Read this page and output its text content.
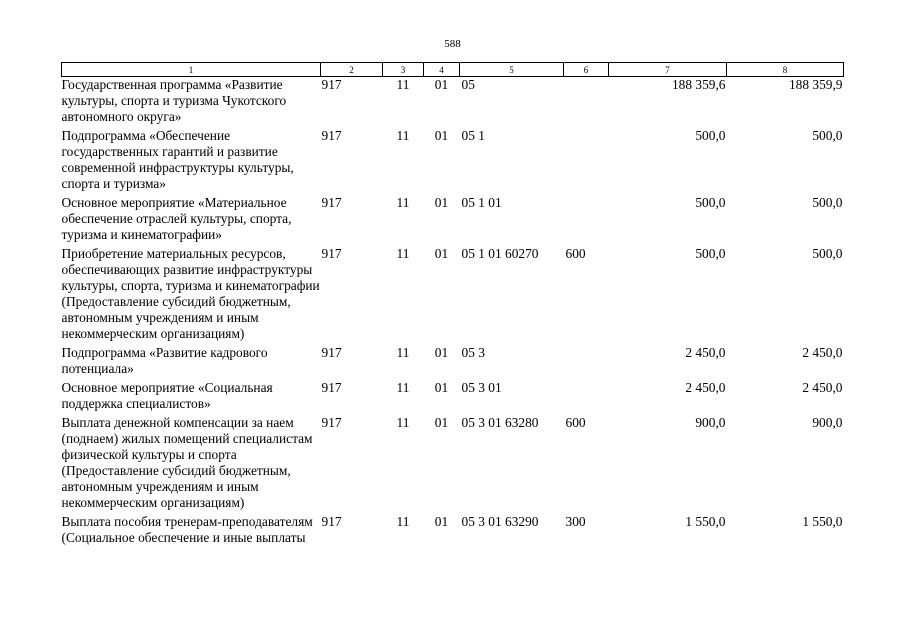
588
1	2	3	4	5	6	7	8
Государственная программа «Развитие культуры, спорта и туризма Чукотского автономного округа»	917	11	01	05		188 359,6	188 359,9
Подпрограмма «Обеспечение государственных гарантий и развитие современной инфраструктуры культуры, спорта и туризма»	917	11	01	05 1		500,0	500,0
Основное мероприятие «Материальное обеспечение отраслей культуры, спорта, туризма и кинематографии»	917	11	01	05 1 01		500,0	500,0
Приобретение материальных ресурсов, обеспечивающих развитие инфраструктуры культуры, спорта, туризма и кинематографии (Предоставление субсидий бюджетным, автономным учреждениям и иным некоммерческим организациям)	917	11	01	05 1 01 60270	600	500,0	500,0
Подпрограмма «Развитие кадрового потенциала»	917	11	01	05 3		2 450,0	2 450,0
Основное мероприятие «Социальная поддержка специалистов»	917	11	01	05 3 01		2 450,0	2 450,0
Выплата денежной компенсации за наем (поднаем) жилых помещений специалистам физической культуры и спорта (Предоставление субсидий бюджетным, автономным учреждениям и иным некоммерческим организациям)	917	11	01	05 3 01 63280	600	900,0	900,0
Выплата пособия тренерам-преподавателям (Социальное обеспечение и иные выплаты	917	11	01	05 3 01 63290	300	1 550,0	1 550,0
